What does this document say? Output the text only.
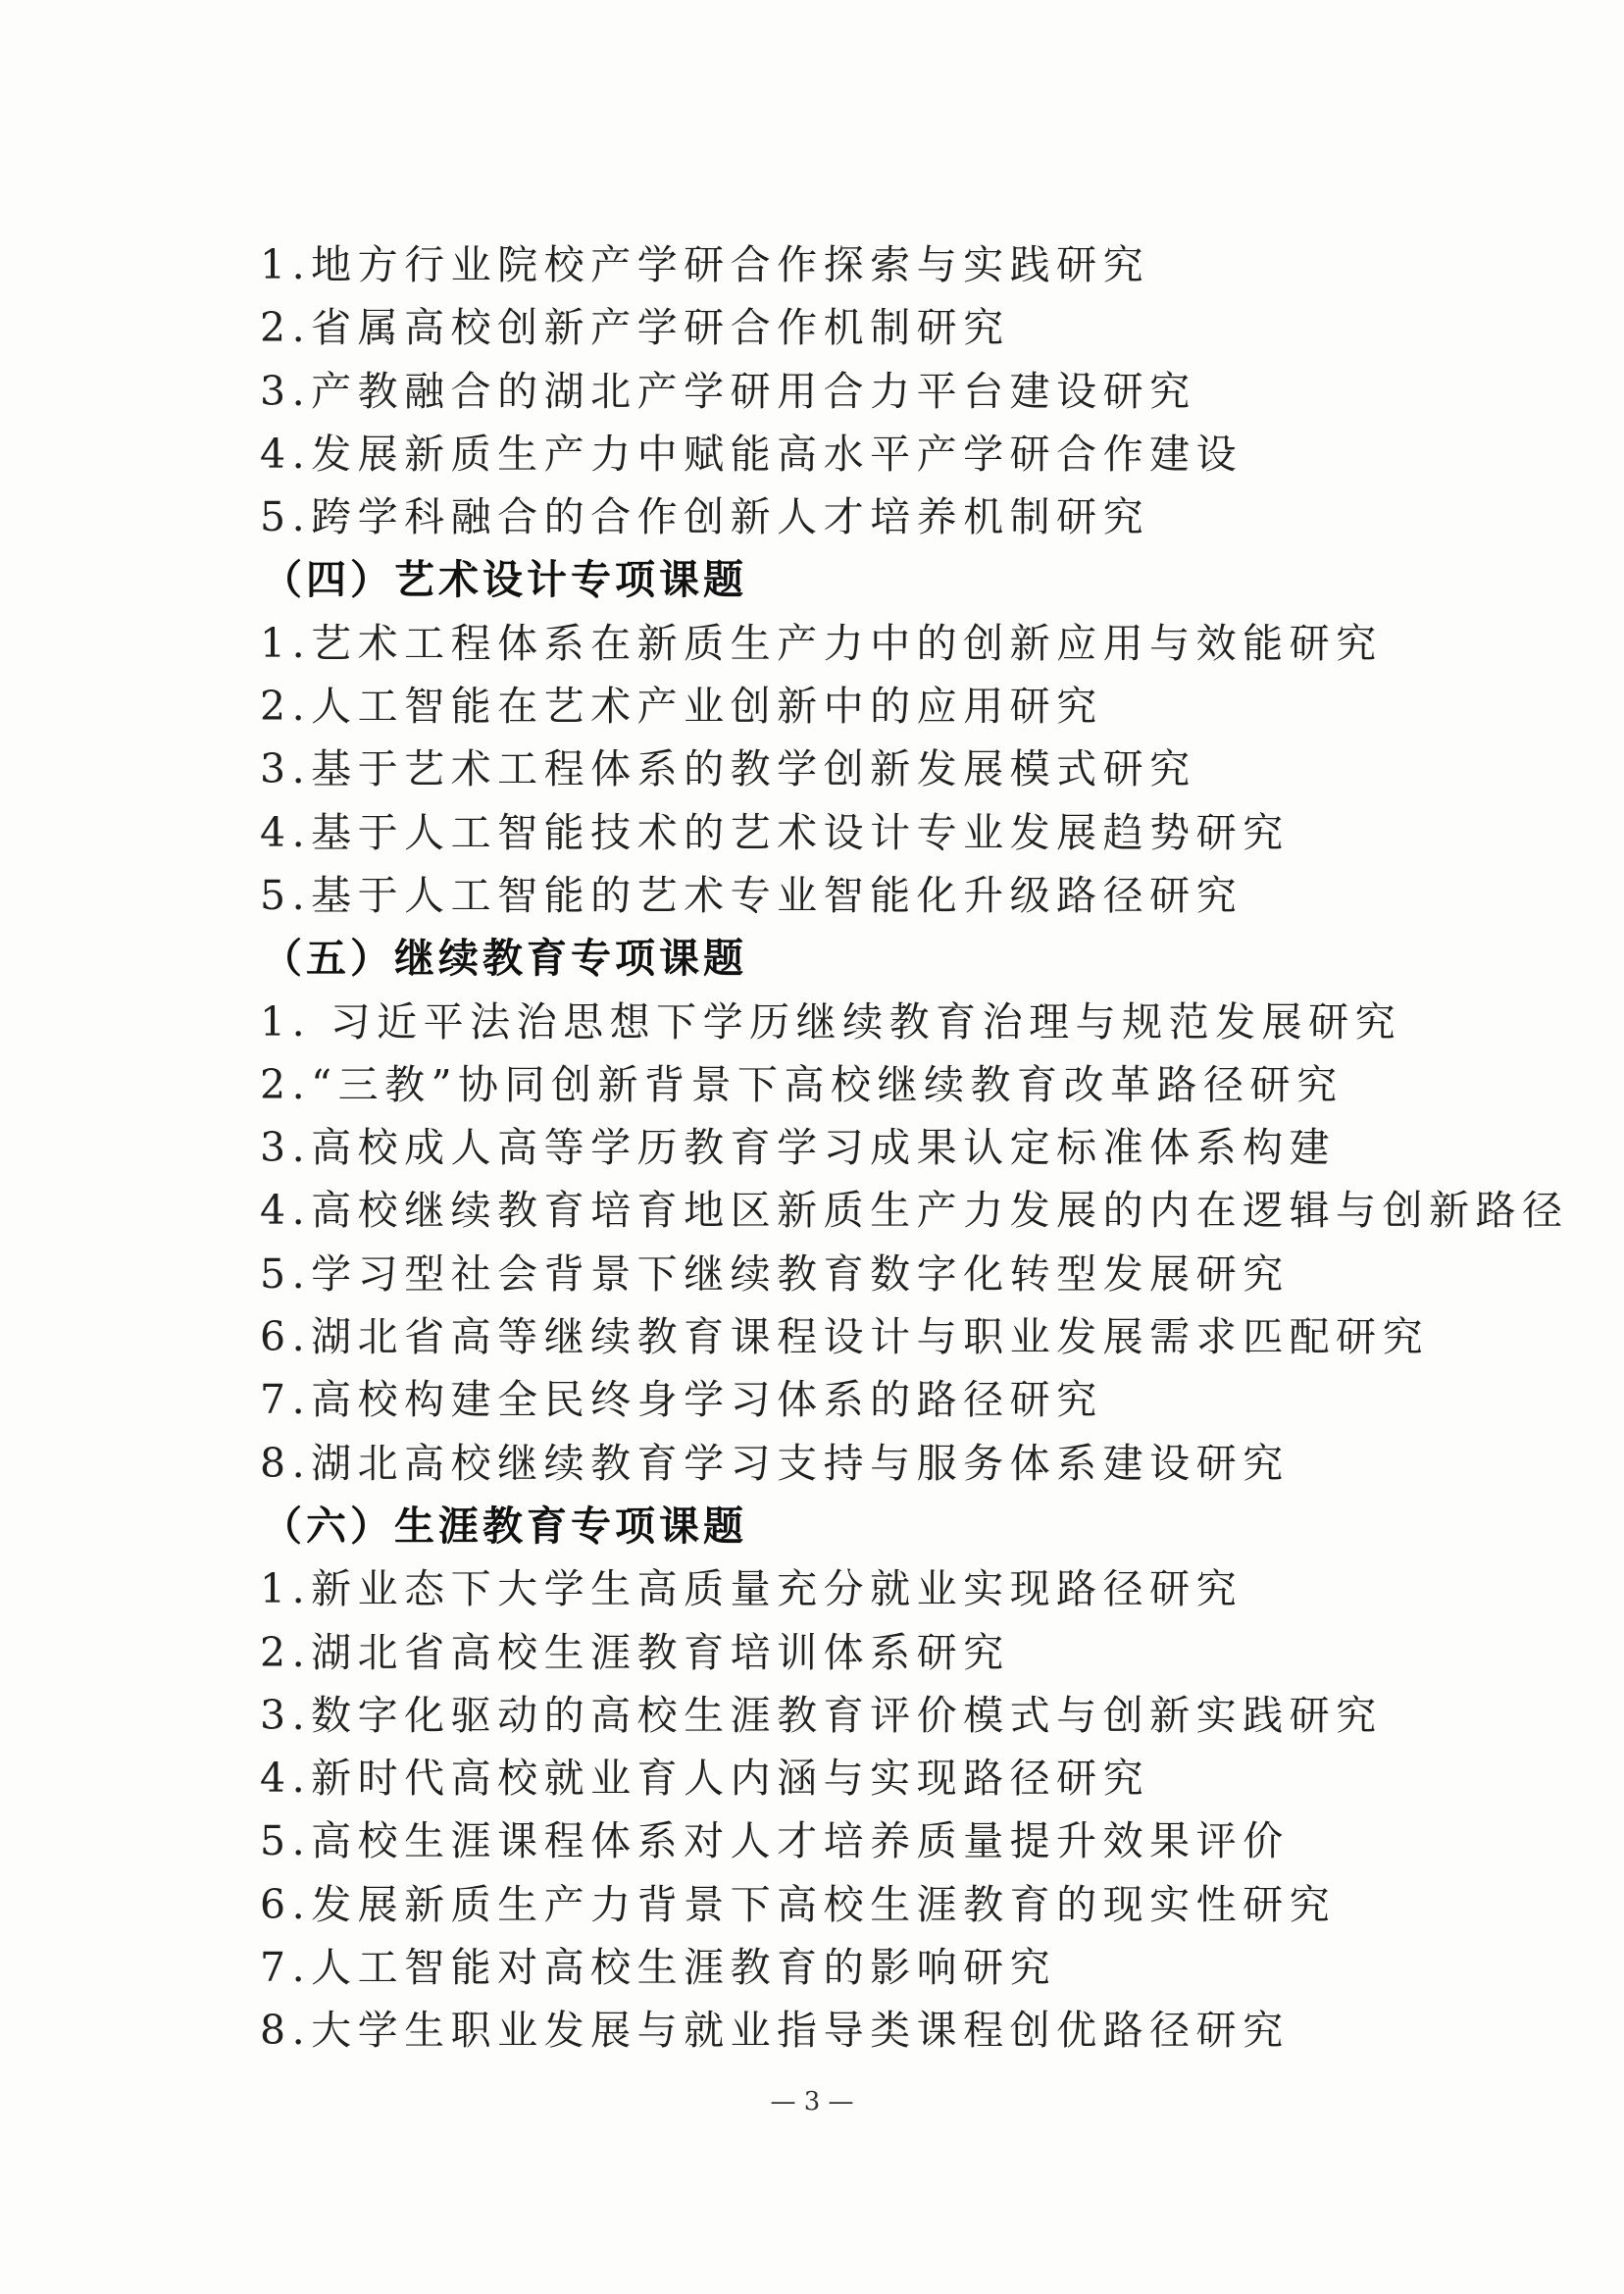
1.地方行业院校产学研合作探索与实践研究
2.省属高校创新产学研合作机制研究
3.产教融合的湖北产学研用合力平台建设研究
4.发展新质生产力中赋能高水平产学研合作建设
5.跨学科融合的合作创新人才培养机制研究
（四）艺术设计专项课题
1.艺术工程体系在新质生产力中的创新应用与效能研究
2.人工智能在艺术产业创新中的应用研究
3.基于艺术工程体系的教学创新发展模式研究
4.基于人工智能技术的艺术设计专业发展趋势研究
5.基于人工智能的艺术专业智能化升级路径研究
（五）继续教育专项课题
1. 习近平法治思想下学历继续教育治理与规范发展研究
2.“三教”协同创新背景下高校继续教育改革路径研究
3.高校成人高等学历教育学习成果认定标准体系构建
4.高校继续教育培育地区新质生产力发展的内在逻辑与创新路径
5.学习型社会背景下继续教育数字化转型发展研究
6.湖北省高等继续教育课程设计与职业发展需求匹配研究
7.高校构建全民终身学习体系的路径研究
8.湖北高校继续教育学习支持与服务体系建设研究
（六）生涯教育专项课题
1.新业态下大学生高质量充分就业实现路径研究
2.湖北省高校生涯教育培训体系研究
3.数字化驱动的高校生涯教育评价模式与创新实践研究
4.新时代高校就业育人内涵与实现路径研究
5.高校生涯课程体系对人才培养质量提升效果评价
6.发展新质生产力背景下高校生涯教育的现实性研究
7.人工智能对高校生涯教育的影响研究
8.大学生职业发展与就业指导类课程创优路径研究
— 3 —
